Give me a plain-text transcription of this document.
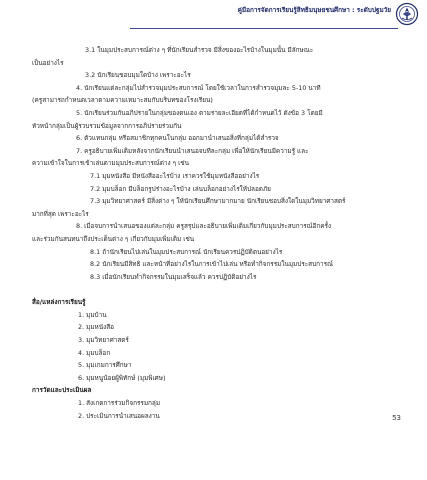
คู่มือการจัดการเรียนรู้สิทธิมนุษยชนศึกษา : ระดับปฐมวัย
3.1 ในมุมประสบการณ์ต่าง ๆ ที่นักเรียนสำรวจ มีสิ่งของอะไรบ้างในมุมนั้น มีลักษณะ
เป็นอย่างไร
3.2 นักเรียนชอบมุมใดบ้าง เพราะอะไร
4. นักเรียนแต่ละกลุ่มไปสำรวจมุมประสบการณ์ โดยใช้เวลาในการสำรวจมุมละ 5-10 นาที
(ครูสามารถกำหนดเวลาตามความเหมาะสมกับบริบทของโรงเรียน)
5. นักเรียนร่วมกันอภิปรายในกลุ่มของตนเอง ตามรายละเอียดที่ได้กำหนดไว้ ดังข้อ 3 โดยมี
หัวหน้ากลุ่มเป็นผู้รวบรวมข้อมูลจากการอภิปรายร่วมกัน
6. ตัวแทนกลุ่ม หรือสมาชิกทุกคนในกลุ่ม ออกมานำเสนอสิ่งที่กลุ่มได้สำรวจ
7. ครูอธิบายเพิ่มเติมหลังจากนักเรียนนำเสนอจบทีละกลุ่ม เพื่อให้นักเรียนมีความรู้ และ
ความเข้าใจในการเข้าเล่นตามมุมประสบการณ์ต่าง ๆ เช่น
7.1 มุมหนังสือ มีหนังสืออะไรบ้าง เราควรใช้มุมหนังสืออย่างไร
7.2 มุมบล็อก มีบล็อกรูปร่างอะไรบ้าง เล่นบล็อกอย่างไรให้ปลอดภัย
7.3 มุมวิทยาศาสตร์ มีสิ่งต่าง ๆ ให้นักเรียนศึกษามากมาย นักเรียนชอบสิ่งใดในมุมวิทยาศาสตร์
มากที่สุด เพราะอะไร
8. เมื่อจบการนำเสนอของแต่ละกลุ่ม ครูสรุปและอธิบายเพิ่มเติมเกี่ยวกับมุมประสบการณ์อีกครั้ง
และร่วมกันสนทนาถึงประเด็นต่าง ๆ เกี่ยวกับมุมเพิ่มเติม เช่น
8.1 ถ้านักเรียนไปเล่นในมุมประสบการณ์ นักเรียนควรปฏิบัติตนอย่างไร
8.2 นักเรียนมีสิทธิ และหน้าที่อย่างไรในการเข้าไปเล่น หรือทำกิจกรรมในมุมประสบการณ์
8.3 เมื่อนักเรียนทำกิจกรรมในมุมเสร็จแล้ว ควรปฏิบัติอย่างไร
สื่อ/แหล่งการเรียนรู้
1. มุมบ้าน
2. มุมหนังสือ
3. มุมวิทยาศาสตร์
4. มุมบล็อก
5. มุมเกมการศึกษา
6. มุมหนูน้อยผู้พิทักษ์ (มุมพิเศษ)
การวัดและประเมินผล
1. สังเกตการร่วมกิจกรรมกลุ่ม
2. ประเมินการนำเสนอผลงาน	53
